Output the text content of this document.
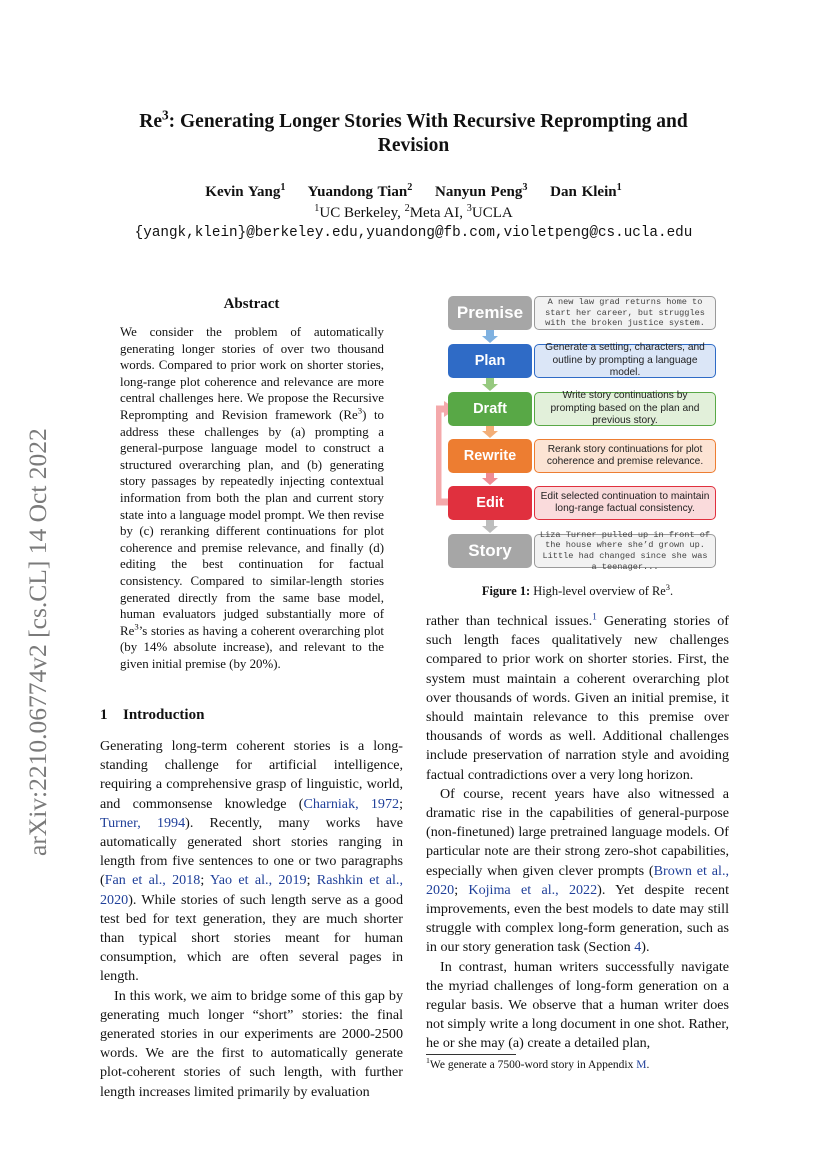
Re$^3$: Generating Longer Stories With Recursive Reprompting and
Revision
Kevin Yang$^1$ Yuandong Tian$^2$ Nanyun Peng$^3$ Dan Klein$^1$
$^1$UC Berkeley, $^2$Meta AI, $^3$UCLA
{yangk,klein}@berkeley.edu,yuandong@fb.com,violetpeng@cs.ucla.edu
arXiv:2210.06774v2 [cs.CL] 14 Oct 2022
Abstract
We consider the problem of automatically generating longer stories of over two thousand words. Compared to prior work on shorter stories, long-range plot coherence and relevance are more central challenges here. We propose the Recursive Reprompting and Revision framework (Re$^3$) to address these challenges by (a) prompting a general-purpose language model to construct a structured overarching plan, and (b) generating story passages by repeatedly injecting contextual information from both the plan and current story state into a language model prompt. We then revise by (c) reranking different continuations for plot coherence and premise relevance, and finally (d) editing the best continuation for factual consistency. Compared to similar-length stories generated directly from the same base model, human evaluators judged substantially more of Re$^3$’s stories as having a coherent overarching plot (by 14% absolute increase), and relevant to the given initial premise (by 20%).
1 Introduction

Generating long-term coherent stories is a long-standing challenge for artificial intelligence, requiring a comprehensive grasp of linguistic, world, and commonsense knowledge (Charniak, 1972; Turner, 1994). Recently, many works have automatically generated short stories ranging in length from five sentences to one or two paragraphs (Fan et al., 2018; Yao et al., 2019; Rashkin et al., 2020). While stories of such length serve as a good test bed for text generation, they are much shorter than typical short stories meant for human consumption, which are often several pages in length.

In this work, we aim to bridge some of this gap by generating much longer “short” stories: the final generated stories in our experiments are 2000-2500 words. We are the first to automatically generate plot-coherent stories of such length, with further length increases limited primarily by evaluation

rather than technical issues.$^1$ Generating stories of such length faces qualitatively new challenges compared to prior work on shorter stories. First, the system must maintain a coherent overarching plot over thousands of words. Given an initial premise, it should maintain relevance to this premise over thousands of words as well. Additional challenges include preservation of narration style and avoiding factual contradictions over a very long horizon.

Of course, recent years have also witnessed a dramatic rise in the capabilities of general-purpose (non-finetuned) large pretrained language models. Of particular note are their strong zero-shot capabilities, especially when given clever prompts (Brown et al., 2020; Kojima et al., 2022). Yet despite recent improvements, even the best models to date may still struggle with complex long-form generation, such as in our story generation task (Section 4).

In contrast, human writers successfully navigate the myriad challenges of long-form generation on a regular basis. We observe that a human writer does not simply write a long document in one shot. Rather, he or she may (a) create a detailed plan,

$^1$We generate a 7500-word story in Appendix M.
Premise
A new law grad returns home to start her career, but struggles with the broken justice system.
Plan
Generate a setting, characters, and outline by prompting a language model.
Draft
Write story continuations by prompting based on the plan and previous story.
Rewrite	Rerank story continuations for plot coherence and premise relevance.
Edit	Edit selected continuation to maintain long-range factual consistency.
Story
Liza Turner pulled up in front of the house where she’d grown up. Little had changed since she was a teenager...
Figure 1: High-level overview of Re$^3$.
